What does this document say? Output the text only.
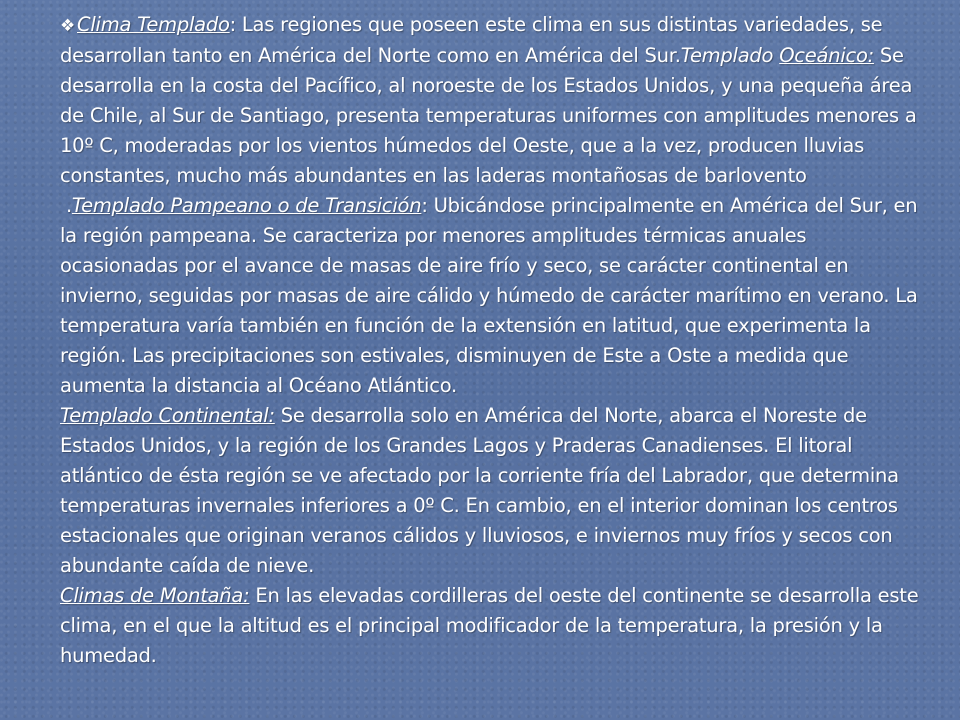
❖ Clima Templado: Las regiones que poseen este clima en sus distintas variedades, se desarrollan tanto en América del Norte como en América del Sur.Templado Oceánico: Se desarrolla en la costa del Pacífico, al noroeste de los Estados Unidos, y una pequeña área de Chile, al Sur de Santiago, presenta temperaturas uniformes con amplitudes menores a 10º C, moderadas por los vientos húmedos del Oeste, que a la vez, producen lluvias constantes, mucho más abundantes en las laderas montañosas de barlovento

.Templado Pampeano o de Transición: Ubicándose principalmente en América del Sur, en la región pampeana. Se caracteriza por menores amplitudes térmicas anuales ocasionadas por el avance de masas de aire frío y seco, se carácter continental en invierno, seguidas por masas de aire cálido y húmedo de carácter marítimo en verano. La temperatura varía también en función de la extensión en latitud, que experimenta la región. Las precipitaciones son estivales, disminuyen de Este a Oste a medida que aumenta la distancia al Océano Atlántico.

Templado Continental: Se desarrolla solo en América del Norte, abarca el Noreste de Estados Unidos, y la región de los Grandes Lagos y Praderas Canadienses. El litoral atlántico de ésta región se ve afectado por la corriente fría del Labrador, que determina temperaturas invernales inferiores a 0º C. En cambio, en el interior dominan los centros estacionales que originan veranos cálidos y lluviosos, e inviernos muy fríos y secos con abundante caída de nieve.

Climas de Montaña: En las elevadas cordilleras del oeste del continente se desarrolla este clima, en el que la altitud es el principal modificador de la temperatura, la presión y la humedad.
